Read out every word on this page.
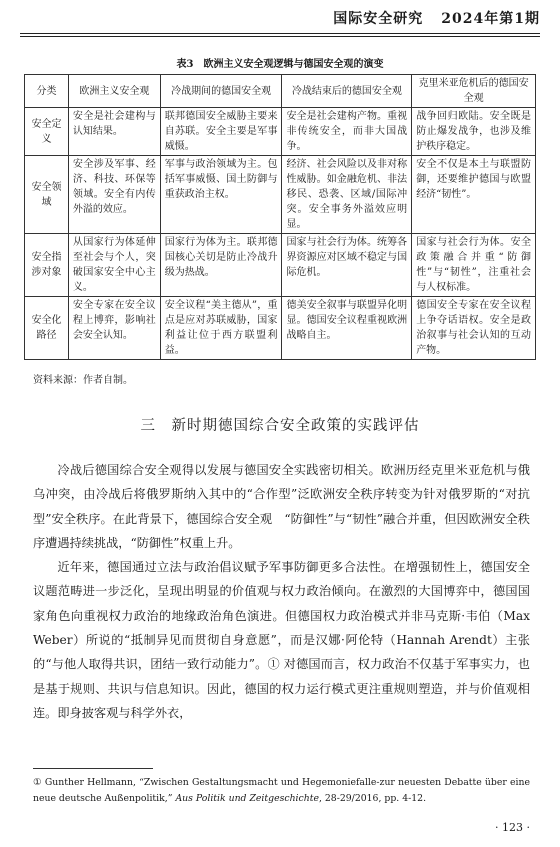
国际安全研究 2024年第1期
表3　欧洲主义安全观逻辑与德国安全观的演变
分类	欧洲主义安全观	冷战期间的德国安全观	冷战结束后的德国安全观	克里米亚危机后的德国安全观
安全定义	安全是社会建构与认知结果。	联邦德国安全威胁主要来自苏联。安全主要是军事威慑。	安全是社会建构产物。重视非传统安全，而非大国战争。	战争回归欧陆。安全既是防止爆发战争，也涉及维护秩序稳定。
安全领域	安全涉及军事、经济、科技、环保等领域。安全有内传外溢的效应。	军事与政治领域为主。包括军事威慑、国土防御与重获政治主权。	经济、社会风险以及非对称性威胁。如金融危机、非法移民、恐袭、区域/国际冲突。安全事务外溢效应明显。	安全不仅是本土与联盟防御，还要维护德国与欧盟经济“韧性”。
安全指涉对象	从国家行为体延伸至社会与个人，突破国家安全中心主义。	国家行为体为主。联邦德国核心关切是防止冷战升级为热战。	国家与社会行为体。统筹各界资源应对区域不稳定与国际危机。	国家与社会行为体。安全政策融合并重“防御性”与“韧性”，注重社会与人权标准。
安全化路径	安全专家在安全议程上博弈，影响社会安全认知。	安全议程“美主德从”，重点是应对苏联威胁，国家利益让位于西方联盟利益。	德美安全叙事与联盟异化明显。德国安全议程重视欧洲战略自主。	德国安全专家在安全议程上争夺话语权。安全是政治叙事与社会认知的互动产物。
资料来源：作者自制。
三　新时期德国综合安全政策的实践评估

冷战后德国综合安全观得以发展与德国安全实践密切相关。欧洲历经克里米亚危机与俄乌冲突，由冷战后将俄罗斯纳入其中的“合作型”泛欧洲安全秩序转变为针对俄罗斯的“对抗型”安全秩序。在此背景下，德国综合安全观　“防御性”与“韧性”融合并重，但因欧洲安全秩序遭遇持续挑战，“防御性”权重上升。

近年来，德国通过立法与政治倡议赋予军事防御更多合法性。在增强韧性上，德国安全议题范畴进一步泛化，呈现出明显的价值观与权力政治倾向。在激烈的大国博弈中，德国国家角色向重视权力政治的地缘政治角色演进。但德国权力政治模式并非马克斯·韦伯（Max Weber）所说的“抵制异见而贯彻自身意愿”，而是汉娜·阿伦特（Hannah Arendt）主张的“与他人取得共识，团结一致行动能力”。① 对德国而言，权力政治不仅基于军事实力，也是基于规则、共识与信息知识。因此，德国的权力运行模式更注重规则塑造，并与价值观相连。即身披客观与科学外衣，

① Gunther Hellmann, “Zwischen Gestaltungsmacht und Hegemoniefalle-zur neuesten Debatte über eine neue deutsche Außenpolitik,” Aus Politik und Zeitgeschichte, 28-29/2016, pp. 4-12.
· 123 ·
